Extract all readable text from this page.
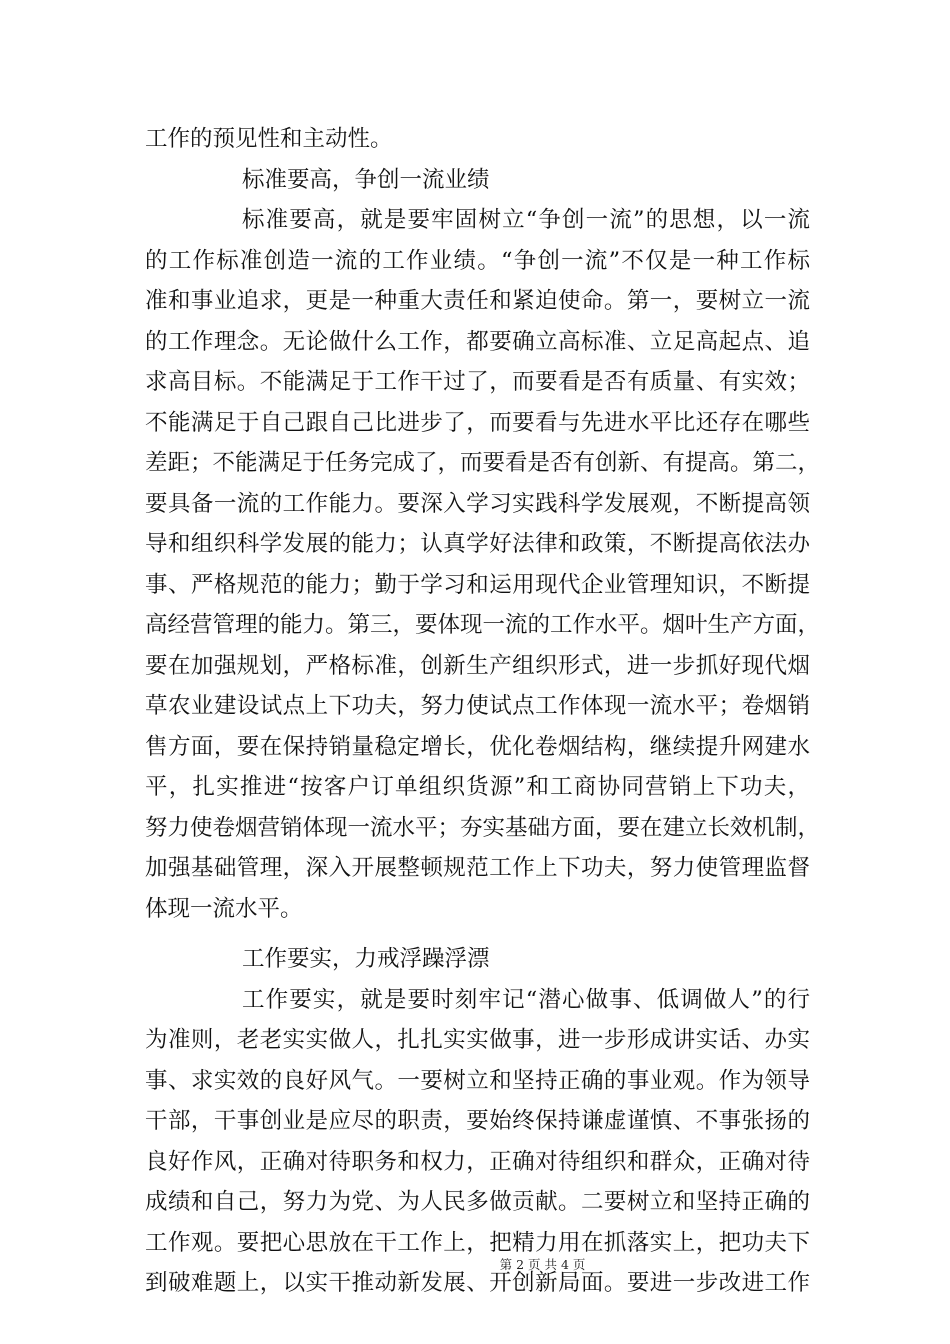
工作的预见性和主动性。
标准要高，争创一流业绩
标准要高，就是要牢固树立“争创一流”的思想，以一流
的工作标准创造一流的工作业绩。“争创一流”不仅是一种工作标
准和事业追求，更是一种重大责任和紧迫使命。第一，要树立一流
的工作理念。无论做什么工作，都要确立高标准、立足高起点、追
求高目标。不能满足于工作干过了，而要看是否有质量、有实效；
不能满足于自己跟自己比进步了，而要看与先进水平比还存在哪些
差距；不能满足于任务完成了，而要看是否有创新、有提高。第二，
要具备一流的工作能力。要深入学习实践科学发展观，不断提高领
导和组织科学发展的能力；认真学好法律和政策，不断提高依法办
事、严格规范的能力；勤于学习和运用现代企业管理知识，不断提
高经营管理的能力。第三，要体现一流的工作水平。烟叶生产方面，
要在加强规划，严格标准，创新生产组织形式，进一步抓好现代烟
草农业建设试点上下功夫，努力使试点工作体现一流水平；卷烟销
售方面，要在保持销量稳定增长，优化卷烟结构，继续提升网建水
平，扎实推进“按客户订单组织货源”和工商协同营销上下功夫，
努力使卷烟营销体现一流水平；夯实基础方面，要在建立长效机制，
加强基础管理，深入开展整顿规范工作上下功夫，努力使管理监督
体现一流水平。
工作要实，力戒浮躁浮漂
工作要实，就是要时刻牢记“潜心做事、低调做人”的行
为准则，老老实实做人，扎扎实实做事，进一步形成讲实话、办实
事、求实效的良好风气。一要树立和坚持正确的事业观。作为领导
干部，干事创业是应尽的职责，要始终保持谦虚谨慎、不事张扬的
良好作风，正确对待职务和权力，正确对待组织和群众，正确对待
成绩和自己，努力为党、为人民多做贡献。二要树立和坚持正确的
工作观。要把心思放在干工作上，把精力用在抓落实上，把功夫下
到破难题上，以实干推动新发展、开创新局面。要进一步改进工作
第 2 页 共 4 页
